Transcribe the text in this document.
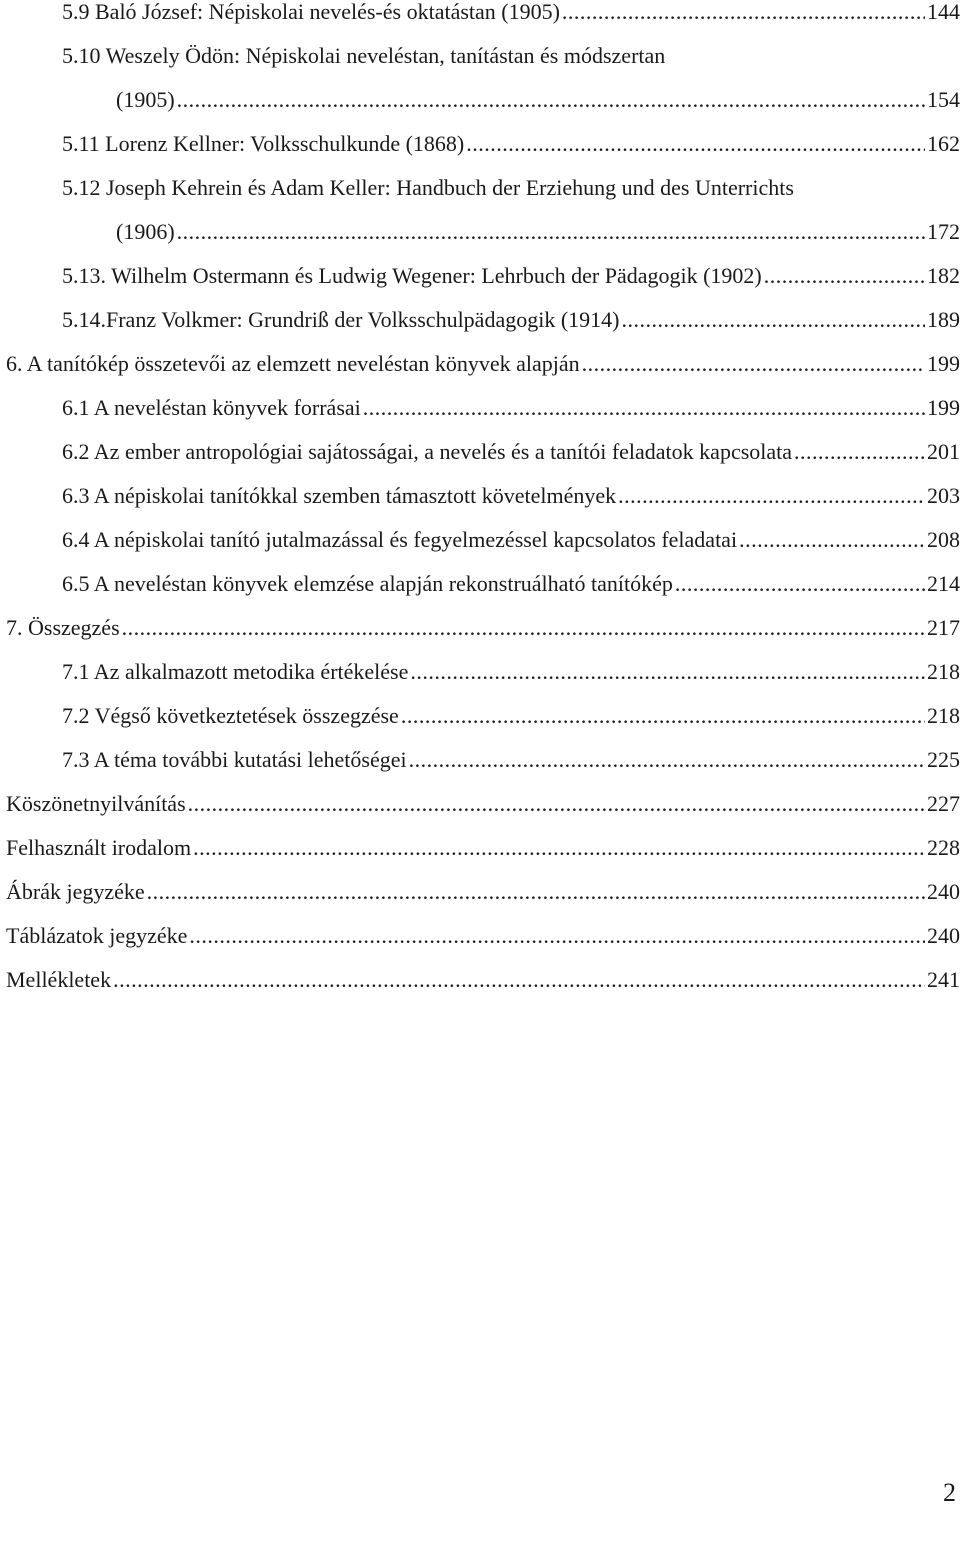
5.9 Baló József: Népiskolai nevelés-és oktatástan (1905) .....	144
5.10 Weszely Ödön: Népiskolai neveléstan, tanítástan és módszertan
(1905) .....	154
5.11 Lorenz Kellner: Volksschulkunde (1868) .....	162
5.12 Joseph Kehrein és Adam Keller: Handbuch der Erziehung und des Unterrichts
(1906) .....	172
5.13. Wilhelm Ostermann és Ludwig Wegener: Lehrbuch der Pädagogik (1902) .....	182
5.14.Franz Volkmer: Grundriß der Volksschulpädagogik (1914) .....	189
6. A tanítókép összetevői az elemzett neveléstan könyvek alapján .....	199
6.1 A neveléstan könyvek forrásai .....	199
6.2 Az ember antropológiai sajátosságai, a nevelés és a tanítói feladatok kapcsolata .....	201
6.3 A népiskolai tanítókkal szemben támasztott követelmények .....	203
6.4 A népiskolai tanító jutalmazással és fegyelmezéssel kapcsolatos feladatai .....	208
6.5 A neveléstan könyvek elemzése alapján rekonstruálható tanítókép .....	214
7. Összegzés .....	217
7.1 Az alkalmazott metodika értékelése .....	218
7.2 Végső következtetések összegzése .....	218
7.3 A téma további kutatási lehetőségei .....	225
Köszönetnyilvánítás .....	227
Felhasznált irodalom .....	228
Ábrák jegyzéke .....	240
Táblázatok jegyzéke .....	240
Mellékletek .....	241
2
